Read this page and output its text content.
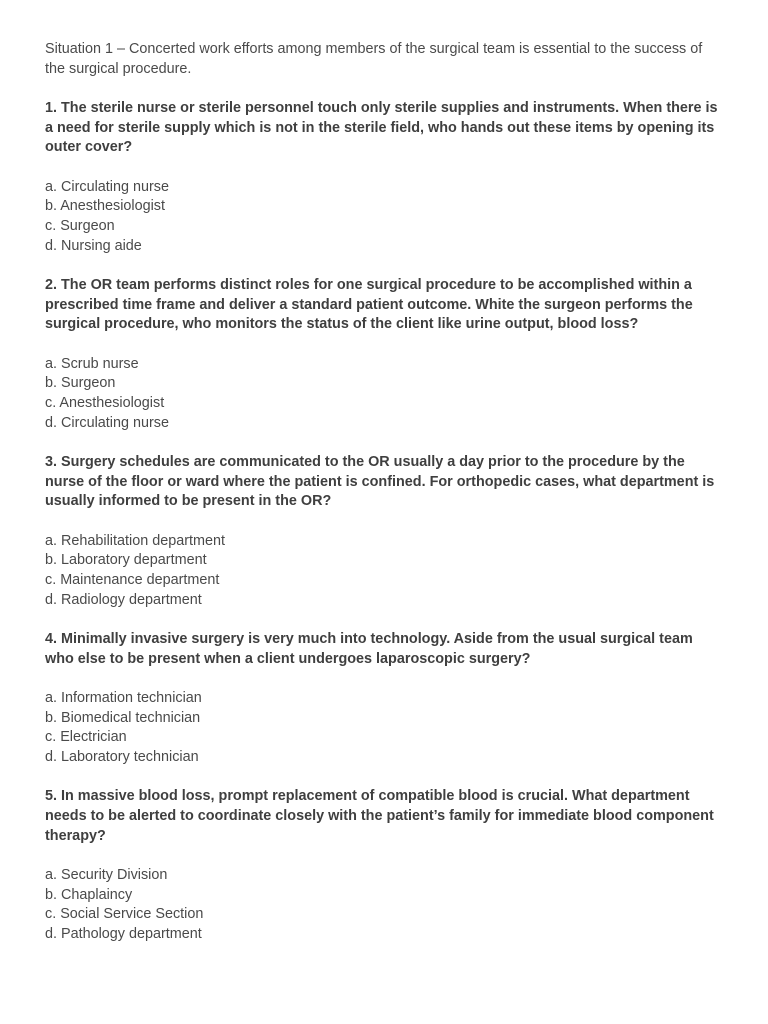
Situation 1 – Concerted work efforts among members of the surgical team is essential to the success of the surgical procedure.

1. The sterile nurse or sterile personnel touch only sterile supplies and instruments. When there is a need for sterile supply which is not in the sterile field, who hands out these items by opening its outer cover?

a. Circulating nurse
b. Anesthesiologist
c. Surgeon
d. Nursing aide

2. The OR team performs distinct roles for one surgical procedure to be accomplished within a prescribed time frame and deliver a standard patient outcome. White the surgeon performs the surgical procedure, who monitors the status of the client like urine output, blood loss?

a. Scrub nurse
b. Surgeon
c. Anesthesiologist
d. Circulating nurse

3. Surgery schedules are communicated to the OR usually a day prior to the procedure by the nurse of the floor or ward where the patient is confined. For orthopedic cases, what department is usually informed to be present in the OR?

a. Rehabilitation department
b. Laboratory department
c. Maintenance department
d. Radiology department

4. Minimally invasive surgery is very much into technology. Aside from the usual surgical team who else to be present when a client undergoes laparoscopic surgery?

a. Information technician
b. Biomedical technician
c. Electrician
d. Laboratory technician

5. In massive blood loss, prompt replacement of compatible blood is crucial. What department needs to be alerted to coordinate closely with the patient’s family for immediate blood component therapy?

a. Security Division
b. Chaplaincy
c. Social Service Section
d. Pathology department
